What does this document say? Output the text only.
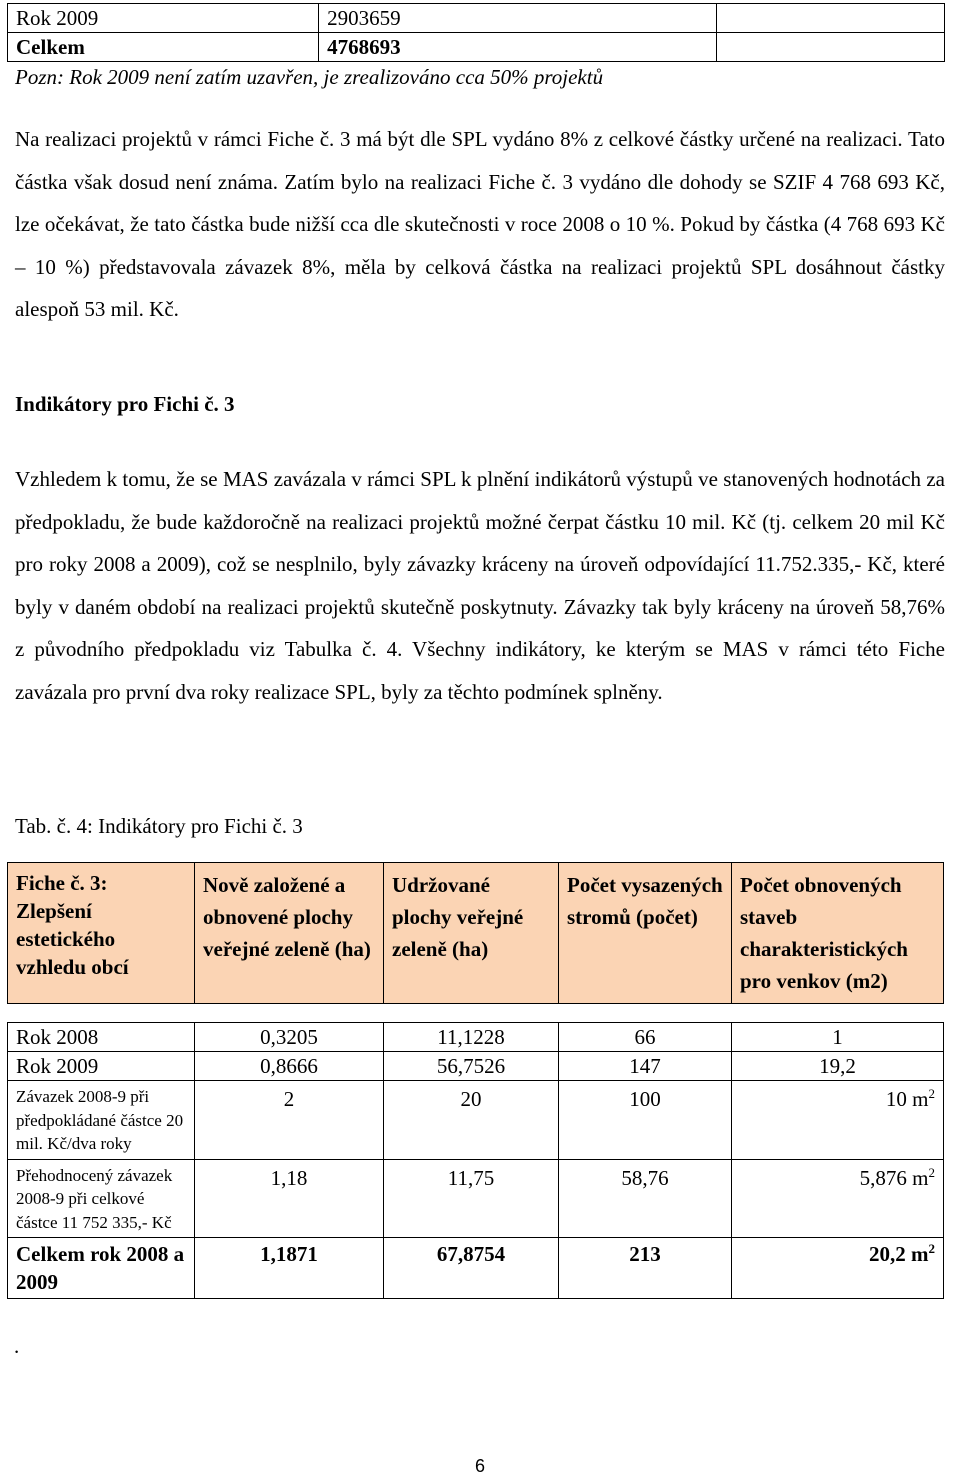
Rok 2009	2903659	
Celkem	4768693	
Pozn: Rok 2009 není zatím uzavřen, je zrealizováno cca 50% projektů
Na realizaci projektů v rámci Fiche č. 3 má být dle SPL vydáno 8% z celkové částky určené na realizaci. Tato částka však dosud není známa. Zatím bylo na realizaci Fiche č. 3 vydáno dle dohody se SZIF 4 768 693 Kč, lze očekávat, že tato částka bude nižší cca dle skutečnosti v roce 2008 o 10 %. Pokud by částka (4 768 693 Kč – 10 %) představovala závazek 8%, měla by celková částka na realizaci projektů SPL dosáhnout částky alespoň 53 mil. Kč.
Indikátory pro Fichi č. 3
Vzhledem k tomu, že se MAS zavázala v rámci SPL k plnění indikátorů výstupů ve stanovených hodnotách za předpokladu, že bude každoročně na realizaci projektů možné čerpat částku 10 mil. Kč (tj. celkem 20 mil Kč pro roky 2008 a 2009), což se nesplnilo, byly závazky kráceny na úroveň odpovídající 11.752.335,- Kč, které byly v daném období na realizaci projektů skutečně poskytnuty. Závazky tak byly kráceny na úroveň 58,76% z původního předpokladu viz Tabulka č. 4. Všechny indikátory, ke kterým se MAS v rámci této Fiche zavázala pro první dva roky realizace SPL, byly za těchto podmínek splněny.
Tab. č. 4: Indikátory pro Fichi č. 3
Fiche č. 3: Zlepšení estetického vzhledu obcí	Nově založené a obnovené plochy veřejné zeleně (ha)	Udržované plochy veřejné zeleně (ha)	Počet vysazených stromů (počet)	Počet obnovených staveb charakteristických pro venkov (m2)

Rok 2008	0,3205	11,1228	66	1
Rok 2009	0,8666	56,7526	147	19,2
Závazek 2008-9 při předpokládané částce 20 mil. Kč/dva roky	2	20	100	10 $m^2$
Přehodnocený závazek 2008-9 při celkové částce 11 752 335,- Kč	1,18	11,75	58,76	5,876 $m^2$
Celkem rok 2008 a 2009	1,1871	67,8754	213	20,2 $m^2$
.
6
